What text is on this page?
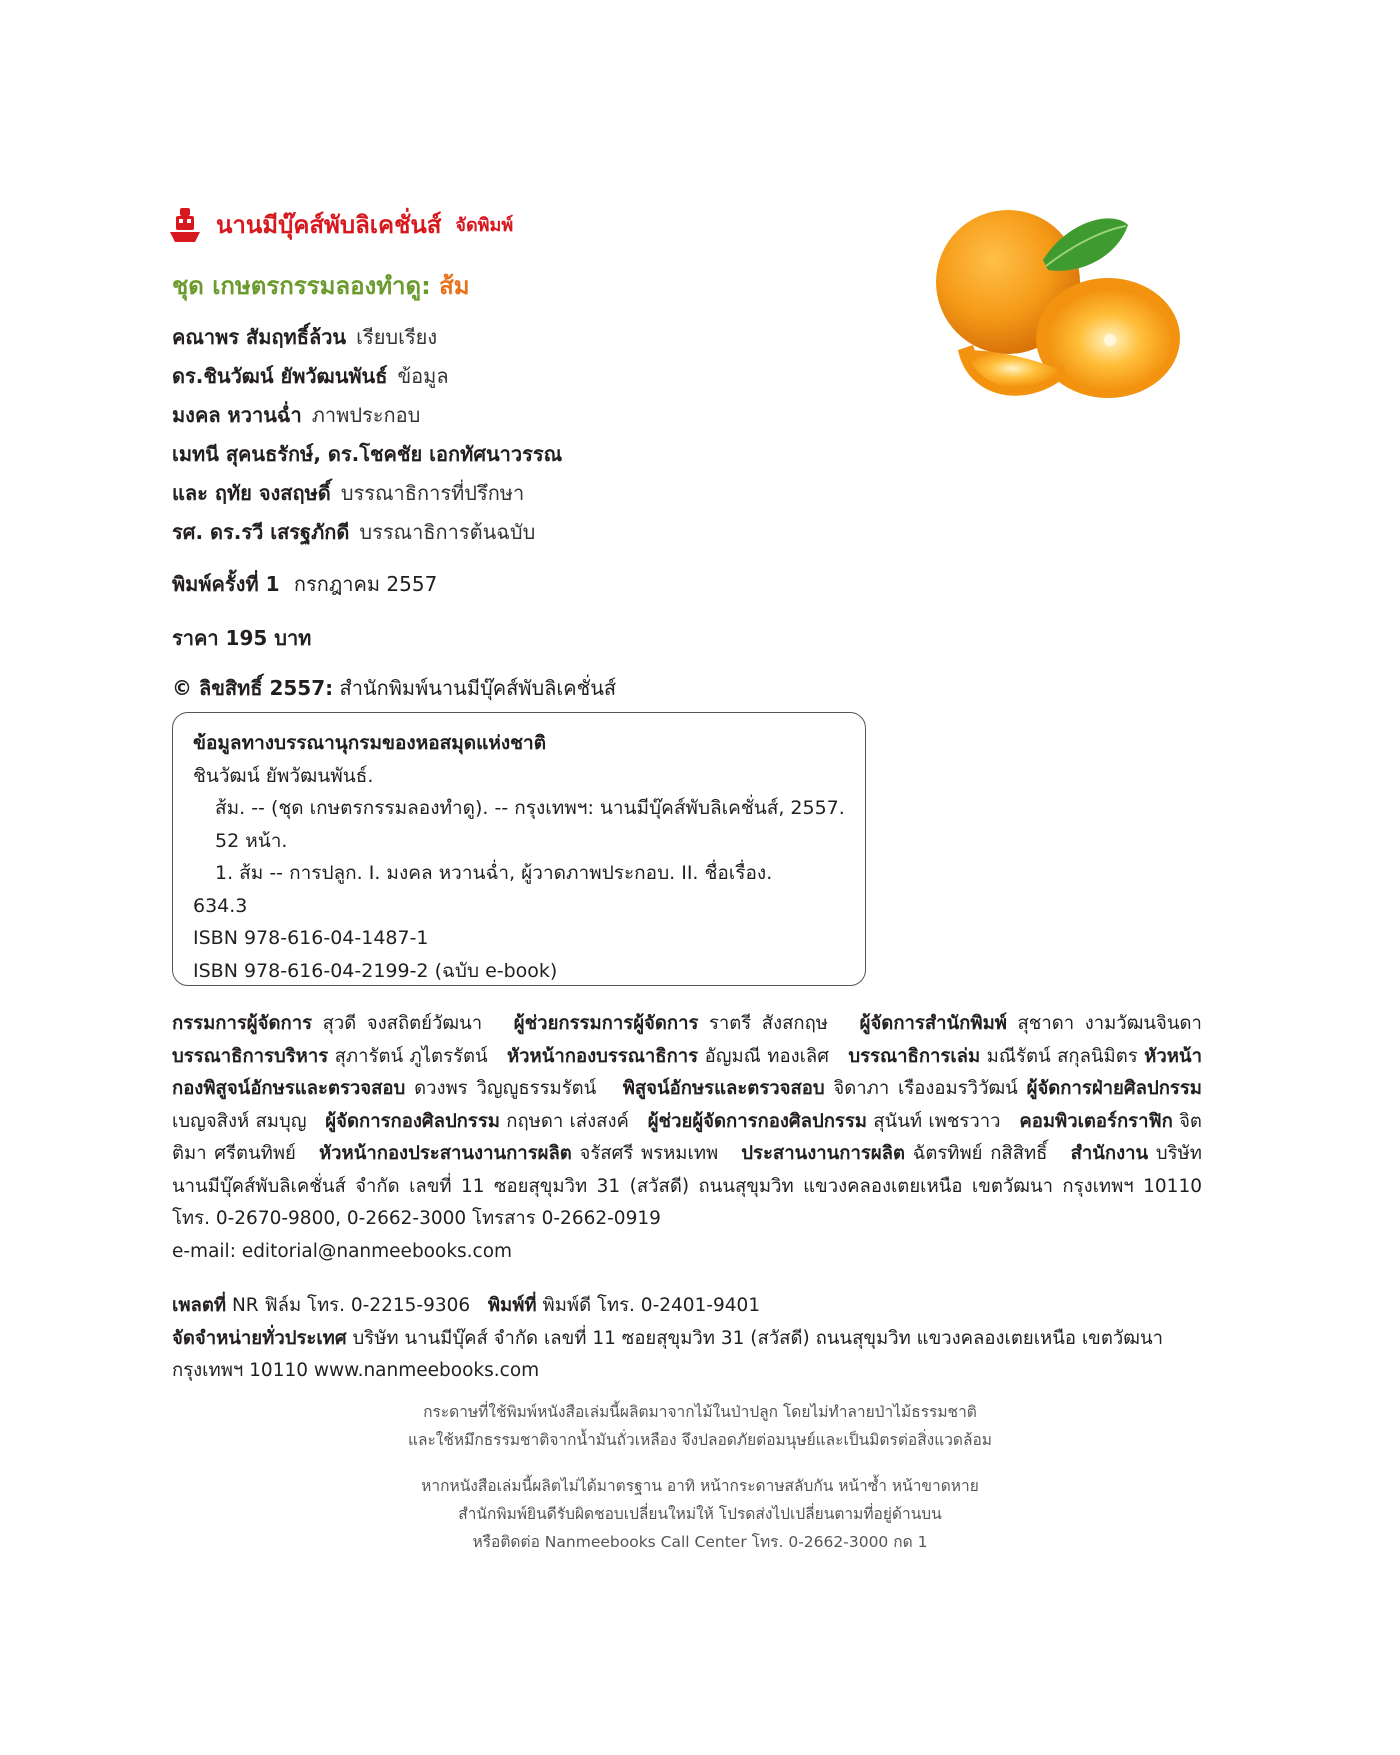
นานมีบุ๊คส์พับลิเคชั่นส์ จัดพิมพ์
ชุด เกษตรกรรมลองทำดู: ส้ม
คณาพร สัมฤทธิ์ล้วน เรียบเรียง
ดร.ชินวัฒน์ ยัพวัฒนพันธ์ ข้อมูล
มงคล หวานฉ่ำ ภาพประกอบ
เมทนี สุคนธรักษ์, ดร.โชคชัย เอกทัศนาวรรณ
และ ฤทัย จงสฤษดิ์ บรรณาธิการที่ปรึกษา
รศ. ดร.รวี เสรฐภักดี บรรณาธิการต้นฉบับ
พิมพ์ครั้งที่ 1 กรกฎาคม 2557
ราคา 195 บาท
© ลิขสิทธิ์ 2557: สำนักพิมพ์นานมีบุ๊คส์พับลิเคชั่นส์
ข้อมูลทางบรรณานุกรมของหอสมุดแห่งชาติ
ชินวัฒน์ ยัพวัฒนพันธ์.
ส้ม. -- (ชุด เกษตรกรรมลองทำดู). -- กรุงเทพฯ: นานมีบุ๊คส์พับลิเคชั่นส์, 2557.
52 หน้า.
1. ส้ม -- การปลูก. I. มงคล หวานฉ่ำ, ผู้วาดภาพประกอบ. II. ชื่อเรื่อง.
634.3
ISBN 978-616-04-1487-1
ISBN 978-616-04-2199-2 (ฉบับ e-book)
กรรมการผู้จัดการ สุวดี จงสถิตย์วัฒนา ผู้ช่วยกรรมการผู้จัดการ ราตรี สังสกฤษ ผู้จัดการสำนักพิมพ์ สุชาดา งามวัฒนจินดา บรรณาธิการบริหาร สุภารัตน์ ภูไตรรัตน์ หัวหน้ากองบรรณาธิการ อัญมณี ทองเลิศ บรรณาธิการเล่ม มณีรัตน์ สกุลนิมิตร หัวหน้ากองพิสูจน์อักษรและตรวจสอบ ดวงพร วิญญูธรรมรัตน์ พิสูจน์อักษรและตรวจสอบ จิดาภา เรืองอมรวิวัฒน์ ผู้จัดการฝ่ายศิลปกรรม เบญจสิงห์ สมบุญ ผู้จัดการกองศิลปกรรม กฤษดา เส่งสงค์ ผู้ช่วยผู้จัดการกองศิลปกรรม สุนันท์ เพชรวาว คอมพิวเตอร์กราฟิก จิตติมา ศรีตนทิพย์ หัวหน้ากองประสานงานการผลิต จรัสศรี พรหมเทพ ประสานงานการผลิต ฉัตรทิพย์ กสิสิทธิ์ สำนักงาน บริษัท นานมีบุ๊คส์พับลิเคชั่นส์ จำกัด เลขที่ 11 ซอยสุขุมวิท 31 (สวัสดี) ถนนสุขุมวิท แขวงคลองเตยเหนือ เขตวัฒนา กรุงเทพฯ 10110 โทร. 0-2670-9800, 0-2662-3000 โทรสาร 0-2662-0919
e-mail: editorial@nanmeebooks.com
เพลตที่ NR ฟิล์ม โทร. 0-2215-9306 พิมพ์ที่ พิมพ์ดี โทร. 0-2401-9401
จัดจำหน่ายทั่วประเทศ บริษัท นานมีบุ๊คส์ จำกัด เลขที่ 11 ซอยสุขุมวิท 31 (สวัสดี) ถนนสุขุมวิท แขวงคลองเตยเหนือ เขตวัฒนา กรุงเทพฯ 10110 www.nanmeebooks.com
กระดาษที่ใช้พิมพ์หนังสือเล่มนี้ผลิตมาจากไม้ในป่าปลูก โดยไม่ทำลายป่าไม้ธรรมชาติ
และใช้หมึกธรรมชาติจากน้ำมันถั่วเหลือง จึงปลอดภัยต่อมนุษย์และเป็นมิตรต่อสิ่งแวดล้อม
หากหนังสือเล่มนี้ผลิตไม่ได้มาตรฐาน อาทิ หน้ากระดาษสลับกัน หน้าซ้ำ หน้าขาดหาย
สำนักพิมพ์ยินดีรับผิดชอบเปลี่ยนใหม่ให้ โปรดส่งไปเปลี่ยนตามที่อยู่ด้านบน
หรือติดต่อ Nanmeebooks Call Center โทร. 0-2662-3000 กด 1
